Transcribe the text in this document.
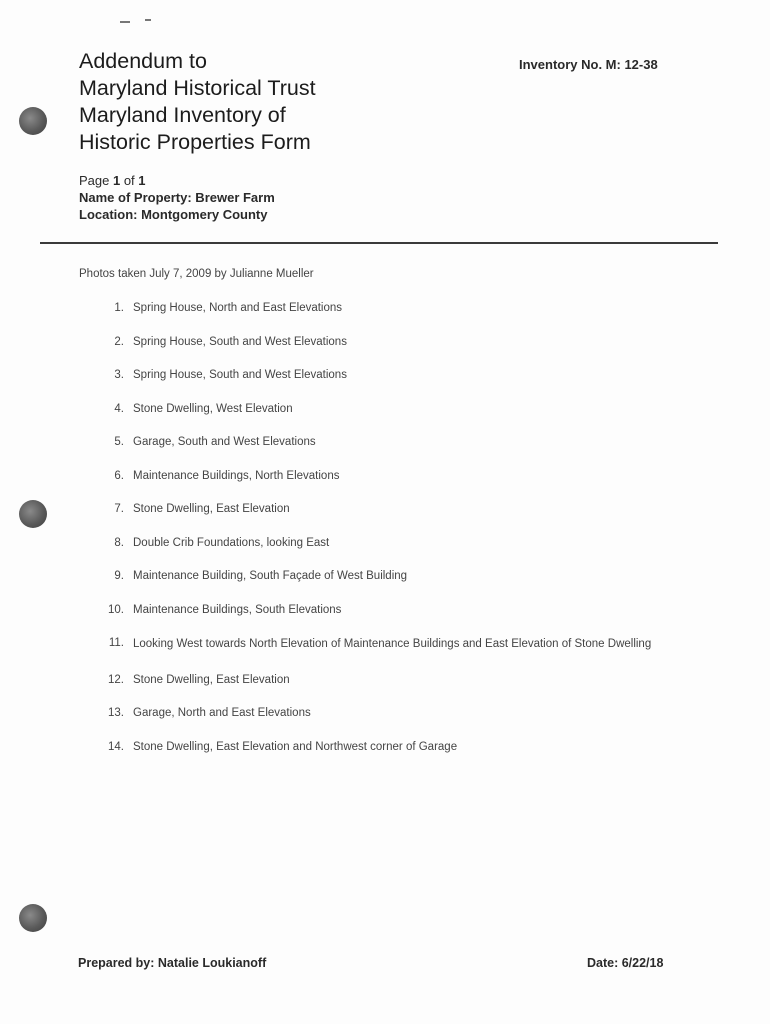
Addendum to
Maryland Historical Trust
Maryland Inventory of
Historic Properties Form
Inventory No. M: 12-38
Page 1 of 1
Name of Property: Brewer Farm
Location: Montgomery County
Photos taken July 7, 2009 by Julianne Mueller
1. Spring House, North and East Elevations
2. Spring House, South and West Elevations
3. Spring House, South and West Elevations
4. Stone Dwelling, West Elevation
5. Garage, South and West Elevations
6. Maintenance Buildings, North Elevations
7. Stone Dwelling, East Elevation
8. Double Crib Foundations, looking East
9. Maintenance Building, South Façade of West Building
10. Maintenance Buildings, South Elevations
11. Looking West towards North Elevation of Maintenance Buildings and East Elevation of Stone Dwelling
12. Stone Dwelling, East Elevation
13. Garage, North and East Elevations
14. Stone Dwelling, East Elevation and Northwest corner of Garage
Prepared by: Natalie Loukianoff	Date: 6/22/18
